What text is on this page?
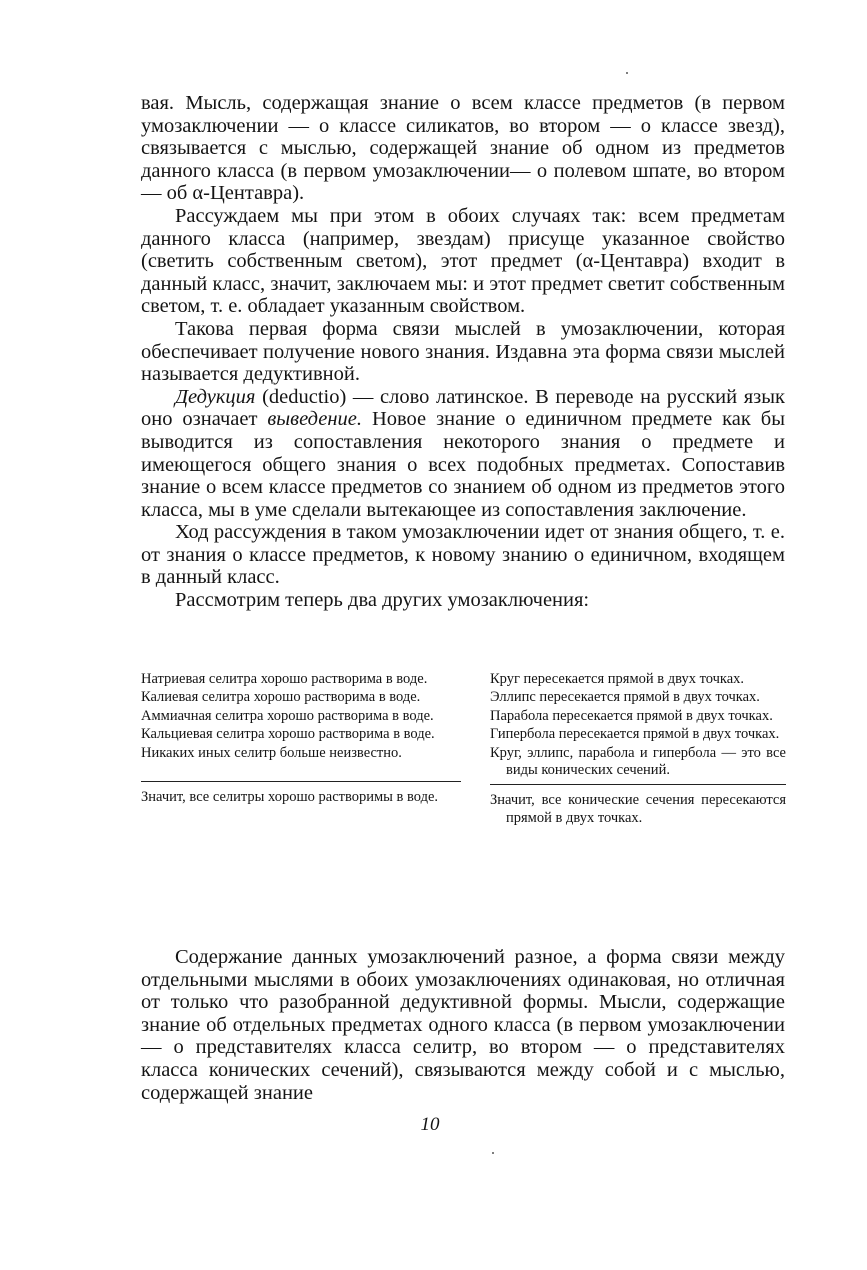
вая. Мысль, содержащая знание о всем классе предметов (в первом умозаключении — о классе силикатов, во втором — о классе звезд), связывается с мыслью, содержащей знание об одном из предметов данного класса (в первом умозаключении— о полевом шпате, во втором — об α-Центавра).

Рассуждаем мы при этом в обоих случаях так: всем предметам данного класса (например, звездам) присуще указанное свойство (светить собственным светом), этот предмет (α-Центавра) входит в данный класс, значит, заключаем мы: и этот предмет светит собственным светом, т. е. обладает указанным свойством.

Такова первая форма связи мыслей в умозаключении, которая обеспечивает получение нового знания. Издавна эта форма связи мыслей называется дедуктивной.

Дедукция (deductio) — слово латинское. В переводе на русский язык оно означает выведение. Новое знание о единичном предмете как бы выводится из сопоставления некоторого знания о предмете и имеющегося общего знания о всех подобных предметах. Сопоставив знание о всем классе предметов со знанием об одном из предметов этого класса, мы в уме сделали вытекающее из сопоставления заключение.

Ход рассуждения в таком умозаключении идет от знания общего, т. е. от знания о классе предметов, к новому знанию о единичном, входящем в данный класс.

Рассмотрим теперь два других умозаключения:

Натриевая селитра хорошо растворима в воде.

Калиевая селитра хорошо растворима в воде.

Аммиачная селитра хорошо растворима в воде.

Кальциевая селитра хорошо растворима в воде.

Никаких иных селитр больше неизвестно.

Значит, все селитры хорошо растворимы в воде.

Круг пересекается прямой в двух точках.

Эллипс пересекается прямой в двух точках.

Парабола пересекается прямой в двух точках.

Гипербола пересекается прямой в двух точках.

Круг, эллипс, парабола и гипербола — это все виды конических сечений.

Значит, все конические сечения пересекаются прямой в двух точках.

Содержание данных умозаключений разное, а форма связи между отдельными мыслями в обоих умозаключениях одинаковая, но отличная от только что разобранной дедуктивной формы. Мысли, содержащие знание об отдельных предметах одного класса (в первом умозаключении — о представителях класса селитр, во втором — о представителях класса конических сечений), связываются между собой и с мыслью, содержащей знание

10
